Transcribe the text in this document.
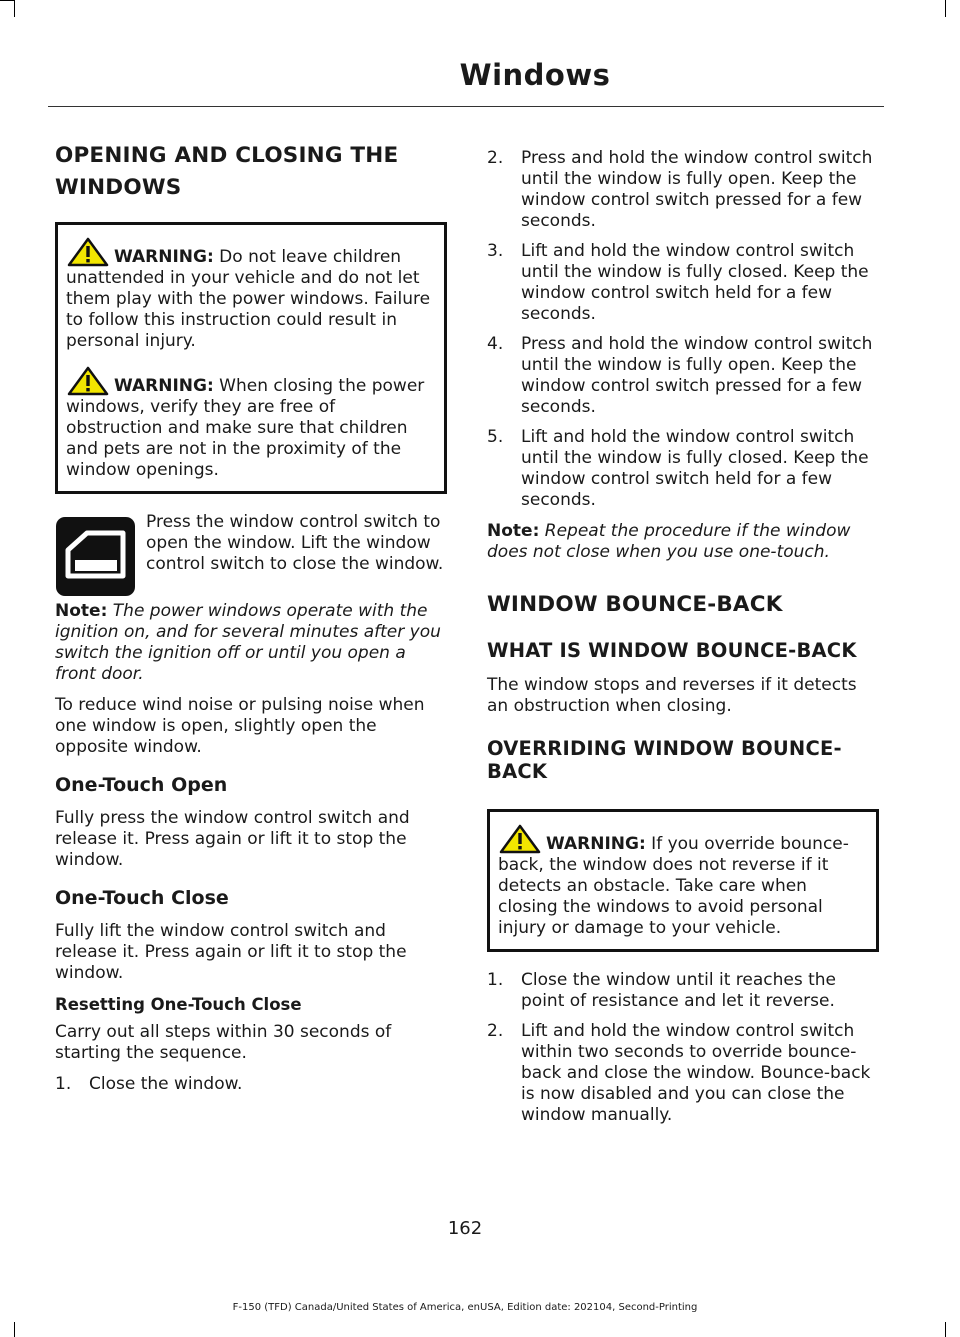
Windows
OPENING AND CLOSING THE WINDOWS

WARNING: Do not leave children unattended in your vehicle and do not let them play with the power windows. Failure to follow this instruction could result in personal injury.

WARNING: When closing the power windows, verify they are free of obstruction and make sure that children and pets are not in the proximity of the window openings.

Press the window control switch to open the window. Lift the window control switch to close the window.

Note: The power windows operate with the ignition on, and for several minutes after you switch the ignition off or until you open a front door.

To reduce wind noise or pulsing noise when one window is open, slightly open the opposite window.

One-Touch Open

Fully press the window control switch and release it. Press again or lift it to stop the window.

One-Touch Close

Fully lift the window control switch and release it. Press again or lift it to stop the window.

Resetting One-Touch Close

Carry out all steps within 30 seconds of starting the sequence.

1. Close the window.
2. Press and hold the window control switch until the window is fully open. Keep the window control switch pressed for a few seconds.
3. Lift and hold the window control switch until the window is fully closed. Keep the window control switch held for a few seconds.
4. Press and hold the window control switch until the window is fully open. Keep the window control switch pressed for a few seconds.
5. Lift and hold the window control switch until the window is fully closed. Keep the window control switch held for a few seconds.

Note: Repeat the procedure if the window does not close when you use one-touch.

WINDOW BOUNCE-BACK
WHAT IS WINDOW BOUNCE-BACK

The window stops and reverses if it detects an obstruction when closing.

OVERRIDING WINDOW BOUNCE-BACK

WARNING: If you override bounce-back, the window does not reverse if it detects an obstacle. Take care when closing the windows to avoid personal injury or damage to your vehicle.

1. Close the window until it reaches the point of resistance and let it reverse.
2. Lift and hold the window control switch within two seconds to override bounce-back and close the window. Bounce-back is now disabled and you can close the window manually.
162
F-150 (TFD) Canada/United States of America, enUSA, Edition date: 202104, Second-Printing
